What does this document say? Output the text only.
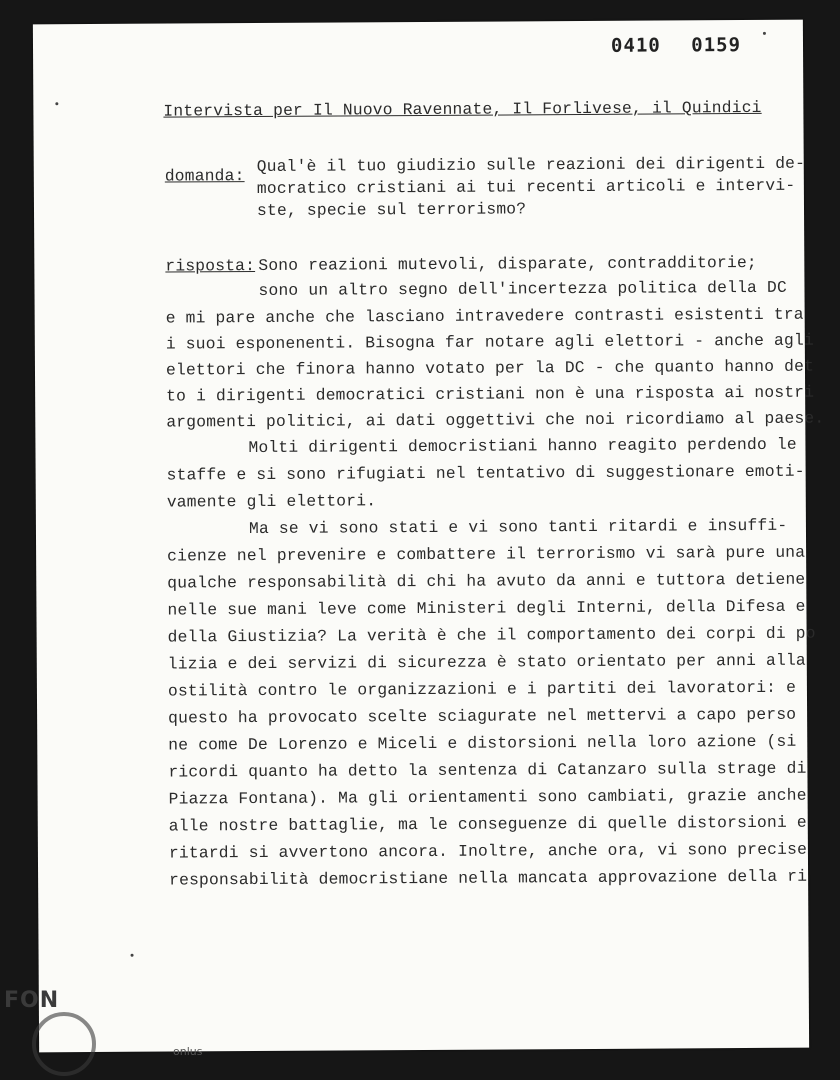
0410 0159
Intervista per Il Nuovo Ravennate, Il Forlivese, il Quindici
domanda: Qual'è il tuo giudizio sulle reazioni dei dirigenti de-
mocratico cristiani ai tui recenti articoli e intervi-
ste, specie sul terrorismo?
risposta: Sono reazioni mutevoli, disparate, contradditorie;
sono un altro segno dell'incertezza politica della DC
e mi pare anche che lasciano intravedere contrasti esistenti tra
i suoi esponenenti. Bisogna far notare agli elettori - anche agli
elettori che finora hanno votato per la DC - che quanto hanno det
to i dirigenti democratici cristiani non è una risposta ai nostri
argomenti politici, ai dati oggettivi che noi ricordiamo al paese.
Molti dirigenti democristiani hanno reagito perdendo le
staffe e si sono rifugiati nel tentativo di suggestionare emoti-
vamente gli elettori.
Ma se vi sono stati e vi sono tanti ritardi e insuffi-
cienze nel prevenire e combattere il terrorismo vi sarà pure una
qualche responsabilità di chi ha avuto da anni e tuttora detiene
nelle sue mani leve come Ministeri degli Interni, della Difesa e
della Giustizia? La verità è che il comportamento dei corpi di po
lizia e dei servizi di sicurezza è stato orientato per anni alla
ostilità contro le organizzazioni e i partiti dei lavoratori: e
questo ha provocato scelte sciagurate nel mettervi a capo perso
ne come De Lorenzo e Miceli e distorsioni nella loro azione (si
ricordi quanto ha detto la sentenza di Catanzaro sulla strage di
Piazza Fontana). Ma gli orientamenti sono cambiati, grazie anche
alle nostre battaglie, ma le conseguenze di quelle distorsioni e
ritardi si avvertono ancora. Inoltre, anche ora, vi sono precise
responsabilità democristiane nella mancata approvazione della ri
FON
onlus
